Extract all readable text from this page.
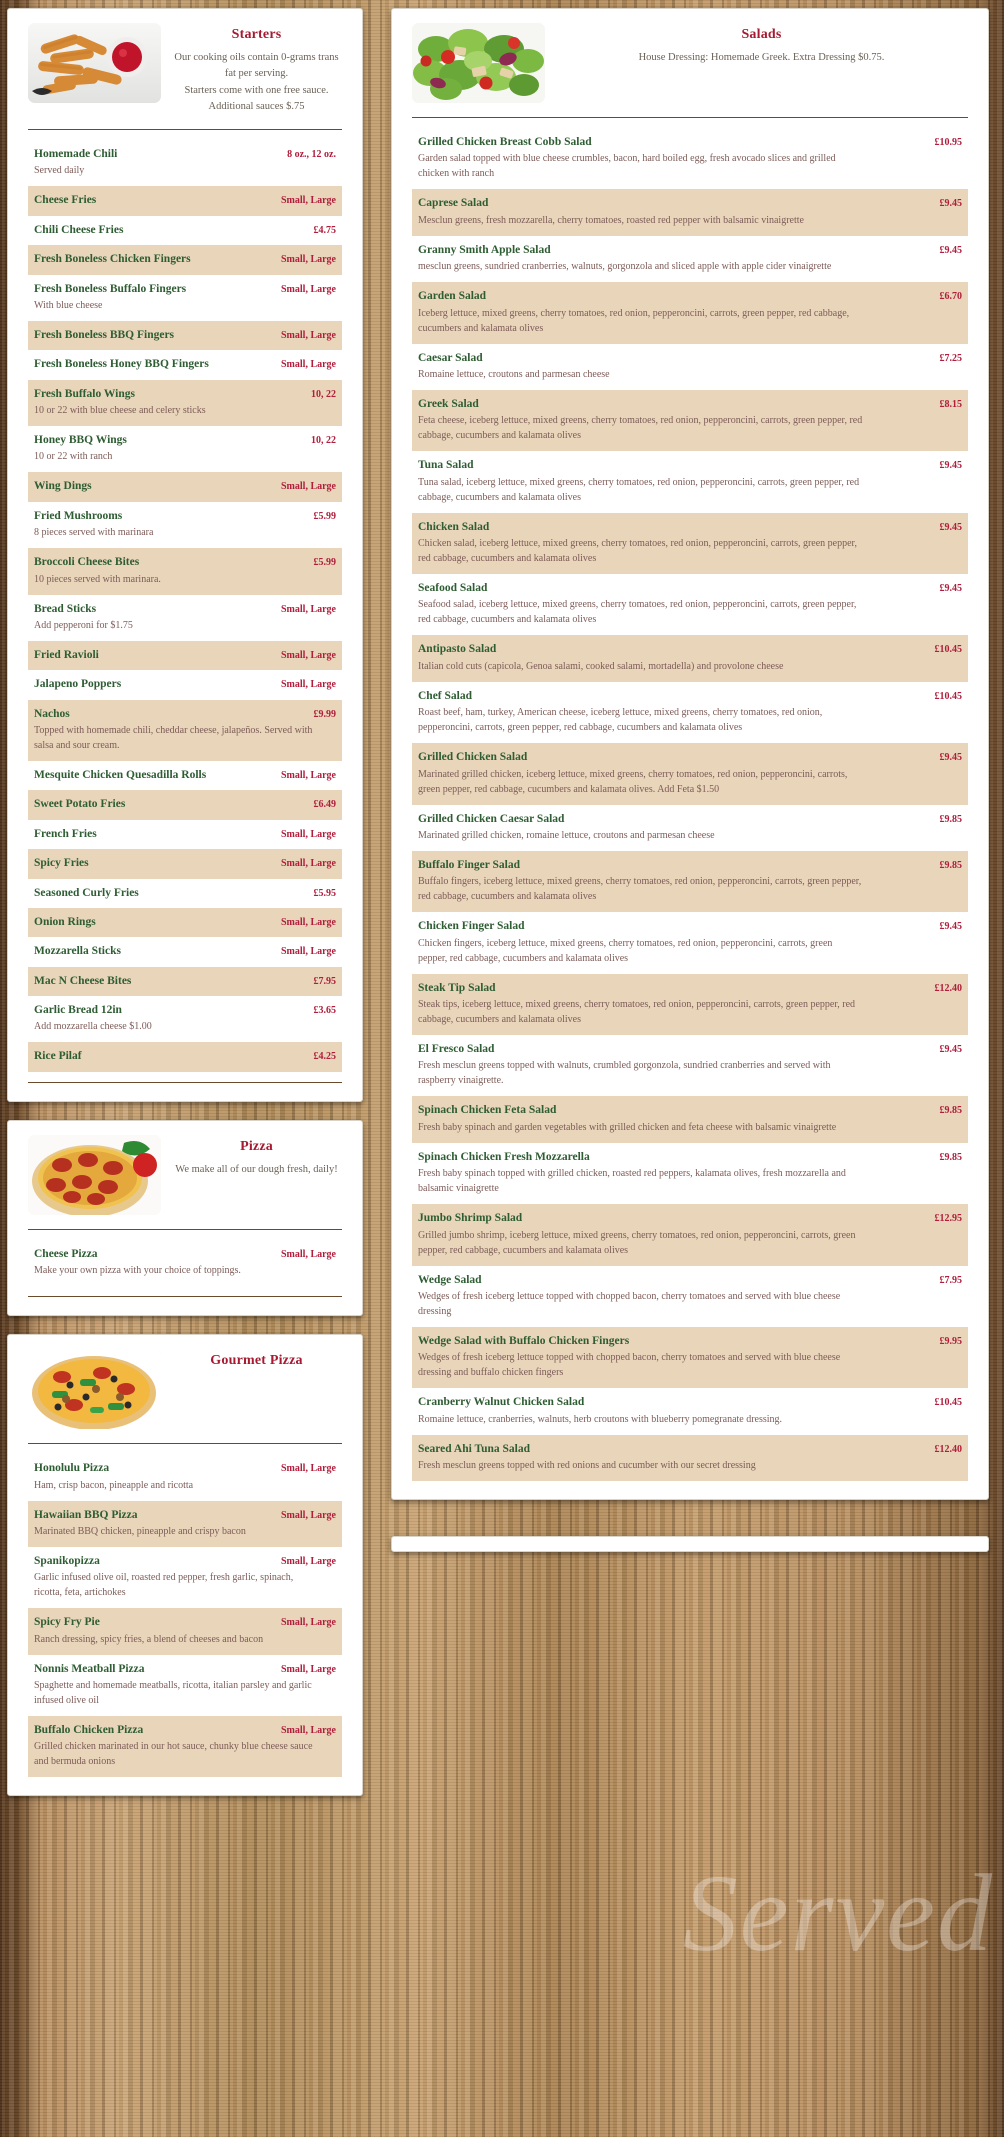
Starters
Our cooking oils contain 0-grams trans fat per serving.
Starters come with one free sauce. Additional sauces $.75
Homemade Chili	8 oz., 12 oz.
Served daily
Cheese Fries	Small, Large
Chili Cheese Fries	£4.75
Fresh Boneless Chicken Fingers	Small, Large
Fresh Boneless Buffalo Fingers	Small, Large
With blue cheese
Fresh Boneless BBQ Fingers	Small, Large
Fresh Boneless Honey BBQ Fingers	Small, Large
Fresh Buffalo Wings	10, 22
10 or 22 with blue cheese and celery sticks
Honey BBQ Wings	10, 22
10 or 22 with ranch
Wing Dings	Small, Large
Fried Mushrooms	£5.99
8 pieces served with marinara
Broccoli Cheese Bites	£5.99
10 pieces served with marinara.
Bread Sticks	Small, Large
Add pepperoni for $1.75
Fried Ravioli	Small, Large
Jalapeno Poppers	Small, Large
Nachos	£9.99
Topped with homemade chili, cheddar cheese, jalapeños. Served with salsa and sour cream.
Mesquite Chicken Quesadilla Rolls	Small, Large
Sweet Potato Fries	£6.49
French Fries	Small, Large
Spicy Fries	Small, Large
Seasoned Curly Fries	£5.95
Onion Rings	Small, Large
Mozzarella Sticks	Small, Large
Mac N Cheese Bites	£7.95
Garlic Bread 12in	£3.65
Add mozzarella cheese $1.00
Rice Pilaf	£4.25
Pizza
We make all of our dough fresh, daily!
Cheese Pizza	Small, Large
Make your own pizza with your choice of toppings.
Gourmet Pizza
Honolulu Pizza	Small, Large
Ham, crisp bacon, pineapple and ricotta
Hawaiian BBQ Pizza	Small, Large
Marinated BBQ chicken, pineapple and crispy bacon
Spanikopizza	Small, Large
Garlic infused olive oil, roasted red pepper, fresh garlic, spinach, ricotta, feta, artichokes
Spicy Fry Pie	Small, Large
Ranch dressing, spicy fries, a blend of cheeses and bacon
Nonnis Meatball Pizza	Small, Large
Spaghette and homemade meatballs, ricotta, italian parsley and garlic infused olive oil
Buffalo Chicken Pizza	Small, Large
Grilled chicken marinated in our hot sauce, chunky blue cheese sauce and bermuda onions
Salads
House Dressing: Homemade Greek. Extra Dressing $0.75.
Grilled Chicken Breast Cobb Salad	£10.95
Garden salad topped with blue cheese crumbles, bacon, hard boiled egg, fresh avocado slices and grilled chicken with ranch
Caprese Salad	£9.45
Mesclun greens, fresh mozzarella, cherry tomatoes, roasted red pepper with balsamic vinaigrette
Granny Smith Apple Salad	£9.45
mesclun greens, sundried cranberries, walnuts, gorgonzola and sliced apple with apple cider vinaigrette
Garden Salad	£6.70
Iceberg lettuce, mixed greens, cherry tomatoes, red onion, pepperoncini, carrots, green pepper, red cabbage, cucumbers and kalamata olives
Caesar Salad	£7.25
Romaine lettuce, croutons and parmesan cheese
Greek Salad	£8.15
Feta cheese, iceberg lettuce, mixed greens, cherry tomatoes, red onion, pepperoncini, carrots, green pepper, red cabbage, cucumbers and kalamata olives
Tuna Salad	£9.45
Tuna salad, iceberg lettuce, mixed greens, cherry tomatoes, red onion, pepperoncini, carrots, green pepper, red cabbage, cucumbers and kalamata olives
Chicken Salad	£9.45
Chicken salad, iceberg lettuce, mixed greens, cherry tomatoes, red onion, pepperoncini, carrots, green pepper, red cabbage, cucumbers and kalamata olives
Seafood Salad	£9.45
Seafood salad, iceberg lettuce, mixed greens, cherry tomatoes, red onion, pepperoncini, carrots, green pepper, red cabbage, cucumbers and kalamata olives
Antipasto Salad	£10.45
Italian cold cuts (capicola, Genoa salami, cooked salami, mortadella) and provolone cheese
Chef Salad	£10.45
Roast beef, ham, turkey, American cheese, iceberg lettuce, mixed greens, cherry tomatoes, red onion, pepperoncini, carrots, green pepper, red cabbage, cucumbers and kalamata olives
Grilled Chicken Salad	£9.45
Marinated grilled chicken, iceberg lettuce, mixed greens, cherry tomatoes, red onion, pepperoncini, carrots, green pepper, red cabbage, cucumbers and kalamata olives. Add Feta $1.50
Grilled Chicken Caesar Salad	£9.85
Marinated grilled chicken, romaine lettuce, croutons and parmesan cheese
Buffalo Finger Salad	£9.85
Buffalo fingers, iceberg lettuce, mixed greens, cherry tomatoes, red onion, pepperoncini, carrots, green pepper, red cabbage, cucumbers and kalamata olives
Chicken Finger Salad	£9.45
Chicken fingers, iceberg lettuce, mixed greens, cherry tomatoes, red onion, pepperoncini, carrots, green pepper, red cabbage, cucumbers and kalamata olives
Steak Tip Salad	£12.40
Steak tips, iceberg lettuce, mixed greens, cherry tomatoes, red onion, pepperoncini, carrots, green pepper, red cabbage, cucumbers and kalamata olives
El Fresco Salad	£9.45
Fresh mesclun greens topped with walnuts, crumbled gorgonzola, sundried cranberries and served with raspberry vinaigrette.
Spinach Chicken Feta Salad	£9.85
Fresh baby spinach and garden vegetables with grilled chicken and feta cheese with balsamic vinaigrette
Spinach Chicken Fresh Mozzarella	£9.85
Fresh baby spinach topped with grilled chicken, roasted red peppers, kalamata olives, fresh mozzarella and balsamic vinaigrette
Jumbo Shrimp Salad	£12.95
Grilled jumbo shrimp, iceberg lettuce, mixed greens, cherry tomatoes, red onion, pepperoncini, carrots, green pepper, red cabbage, cucumbers and kalamata olives
Wedge Salad	£7.95
Wedges of fresh iceberg lettuce topped with chopped bacon, cherry tomatoes and served with blue cheese dressing
Wedge Salad with Buffalo Chicken Fingers	£9.95
Wedges of fresh iceberg lettuce topped with chopped bacon, cherry tomatoes and served with blue cheese dressing and buffalo chicken fingers
Cranberry Walnut Chicken Salad	£10.45
Romaine lettuce, cranberries, walnuts, herb croutons with blueberry pomegranate dressing.
Seared Ahi Tuna Salad	£12.40
Fresh mesclun greens topped with red onions and cucumber with our secret dressing
Served
